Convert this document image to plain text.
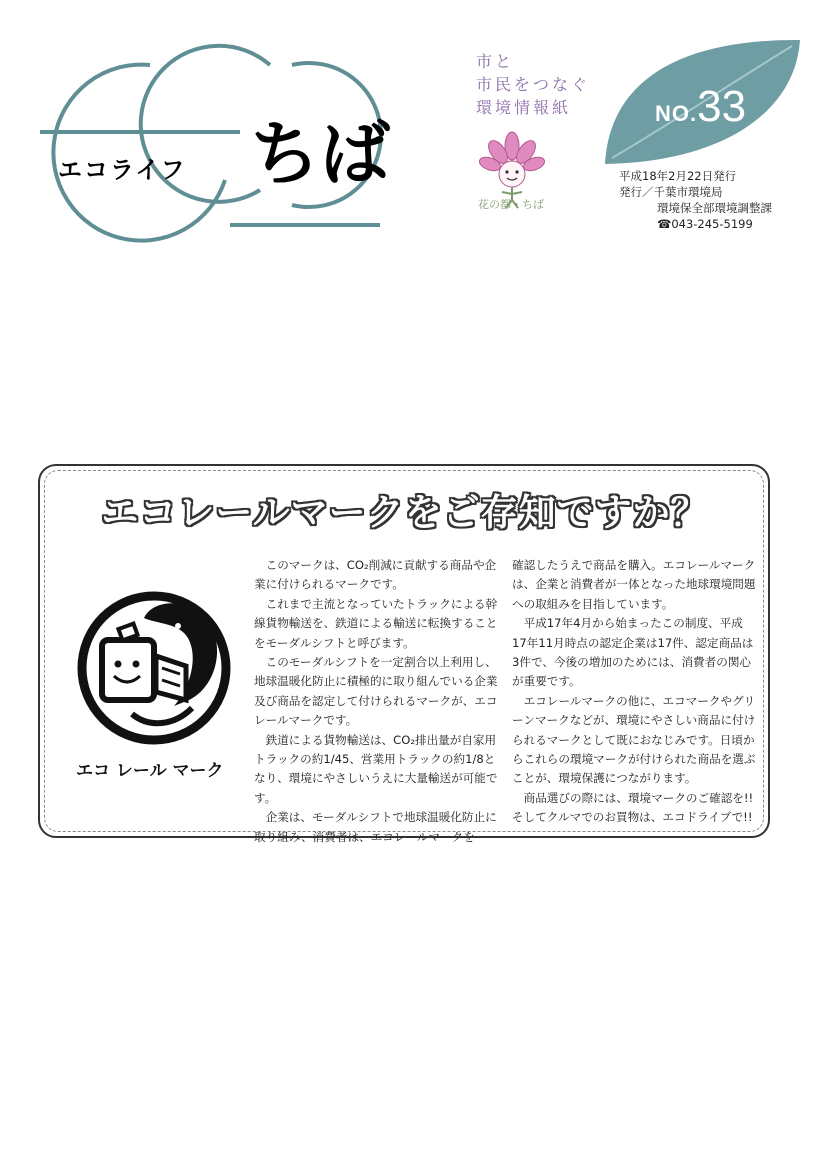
エコライフ ちば
市と
市民をつなぐ
環境情報紙
花の都・ちば
NO.33
平成18年2月22日発行
発行／千葉市環境局
環境保全部環境調整課
☎043-245-5199
エコレールマークをご存知ですか？
エコ レール マーク

このマークは、CO₂削減に貢献する商品や企業に付けられるマークです。

これまで主流となっていたトラックによる幹線貨物輸送を、鉄道による輸送に転換することをモーダルシフトと呼びます。

このモーダルシフトを一定割合以上利用し、地球温暖化防止に積極的に取り組んでいる企業及び商品を認定して付けられるマークが、エコレールマークです。

鉄道による貨物輸送は、CO₂排出量が自家用トラックの約1/45、営業用トラックの約1/8となり、環境にやさしいうえに大量輸送が可能です。

企業は、モーダルシフトで地球温暖化防止に取り組み、消費者は、エコレールマークを

確認したうえで商品を購入。エコレールマークは、企業と消費者が一体となった地球環境問題への取組みを目指しています。

平成17年4月から始まったこの制度、平成17年11月時点の認定企業は17件、認定商品は3件で、今後の増加のためには、消費者の関心が重要です。

エコレールマークの他に、エコマークやグリーンマークなどが、環境にやさしい商品に付けられるマークとして既におなじみです。日頃からこれらの環境マークが付けられた商品を選ぶことが、環境保護につながります。

商品選びの際には、環境マークのご確認を!! そしてクルマでのお買物は、エコドライブで!!
